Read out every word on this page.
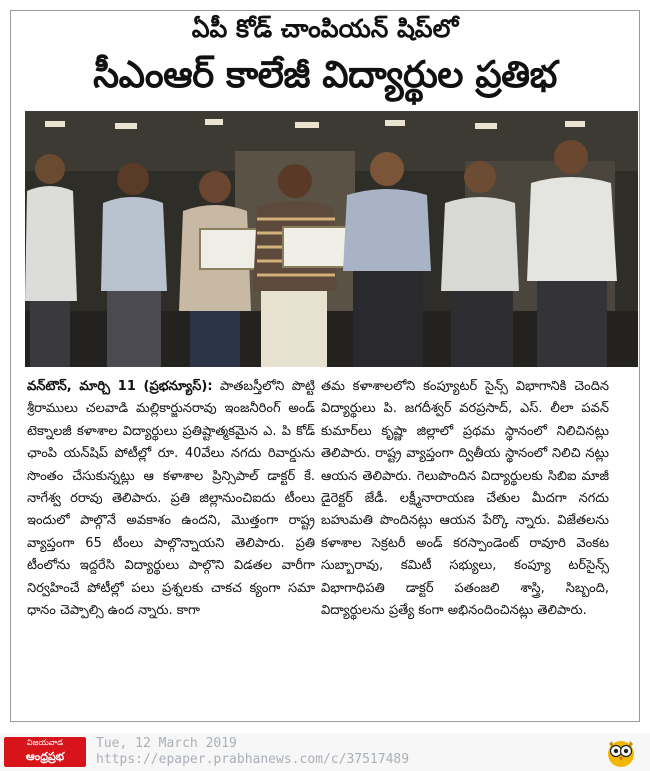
ఏపీ కోడ్ చాంపియన్ షిప్‌లో
సీఎంఆర్ కాలేజీ విద్యార్థుల ప్రతిభ
వన్‌టౌన్, మార్చి 11 (ప్రభన్యూస్): పాతబస్తీలోని పొట్టి శ్రీరాములు చలవాడి మల్లికార్జునరావు ఇంజనీరింగ్ అండ్ టెక్నాలజీ కళాశాల విద్యార్థులు ప్రతిష్టాత్మకమైన ఎ. పి కోడ్ ఛాంపి యన్‌షిప్ పోటీల్లో రూ. 40వేలు నగదు రివార్డును సొంతం చేసుకున్నట్లు ఆ కళాశాల ప్రిన్సిపాల్ డాక్టర్ కే. నాగేశ్వ రరావు తెలిపారు. ప్రతి జిల్లానుంచిఐదు టీంలు ఇందులో పాల్గొనే అవకాశం ఉందని, మొత్తంగా రాష్ట్ర వ్యాప్తంగా 65 టీంలు పాల్గొన్నాయని తెలిపారు. ప్రతి టీంలోను ఇద్దరేసి విద్యార్థులు పాల్గొని విడతల వారీగా నిర్వహించే పోటీల్లో పలు ప్రశ్నలకు చాకచ క్యంగా సమా ధానం చెప్పాల్సి ఉంద న్నారు. కాగా
తమ కళాశాలలోని కంప్యూటర్ సైన్స్ విభాగానికి చెందిన విద్యార్థులు పి. జగదీశ్వర్ వరప్రసాద్, ఎస్. లీలా పవన్ కుమార్‌లు కృష్ణా జిల్లాలో ప్రథమ స్థానంలో నిలిచినట్లు తెలిపారు. రాష్ట్ర వ్యాప్తంగా ద్వితీయ స్థానంలో నిలిచి నట్లు ఆయన తెలిపారు. గెలుపొందిన విద్యార్థులకు సిబిఐ మాజీ డైరెక్టర్ జేడీ. లక్ష్మీనారాయణ చేతుల మీదగా నగదు బహుమతి పొందినట్లు ఆయన పేర్కొ న్నారు. విజేతలను కళాశాల సెక్రటరీ అండ్ కరస్పాండెంట్ రావూరి వెంకట సుబ్బారావు, కమిటీ సభ్యులు, కంప్యూ టర్‌సైన్స్ విభాగాధిపతి డాక్టర్ పతంజలి శాస్త్రి, సిబ్బంది, విద్యార్థులను ప్రత్యే కంగా అభినందించినట్లు తెలిపారు.
విజయవాడ
ఆంధ్రప్రభ
Tue, 12 March 2019
https://epaper.prabhanews.com/c/37517489
